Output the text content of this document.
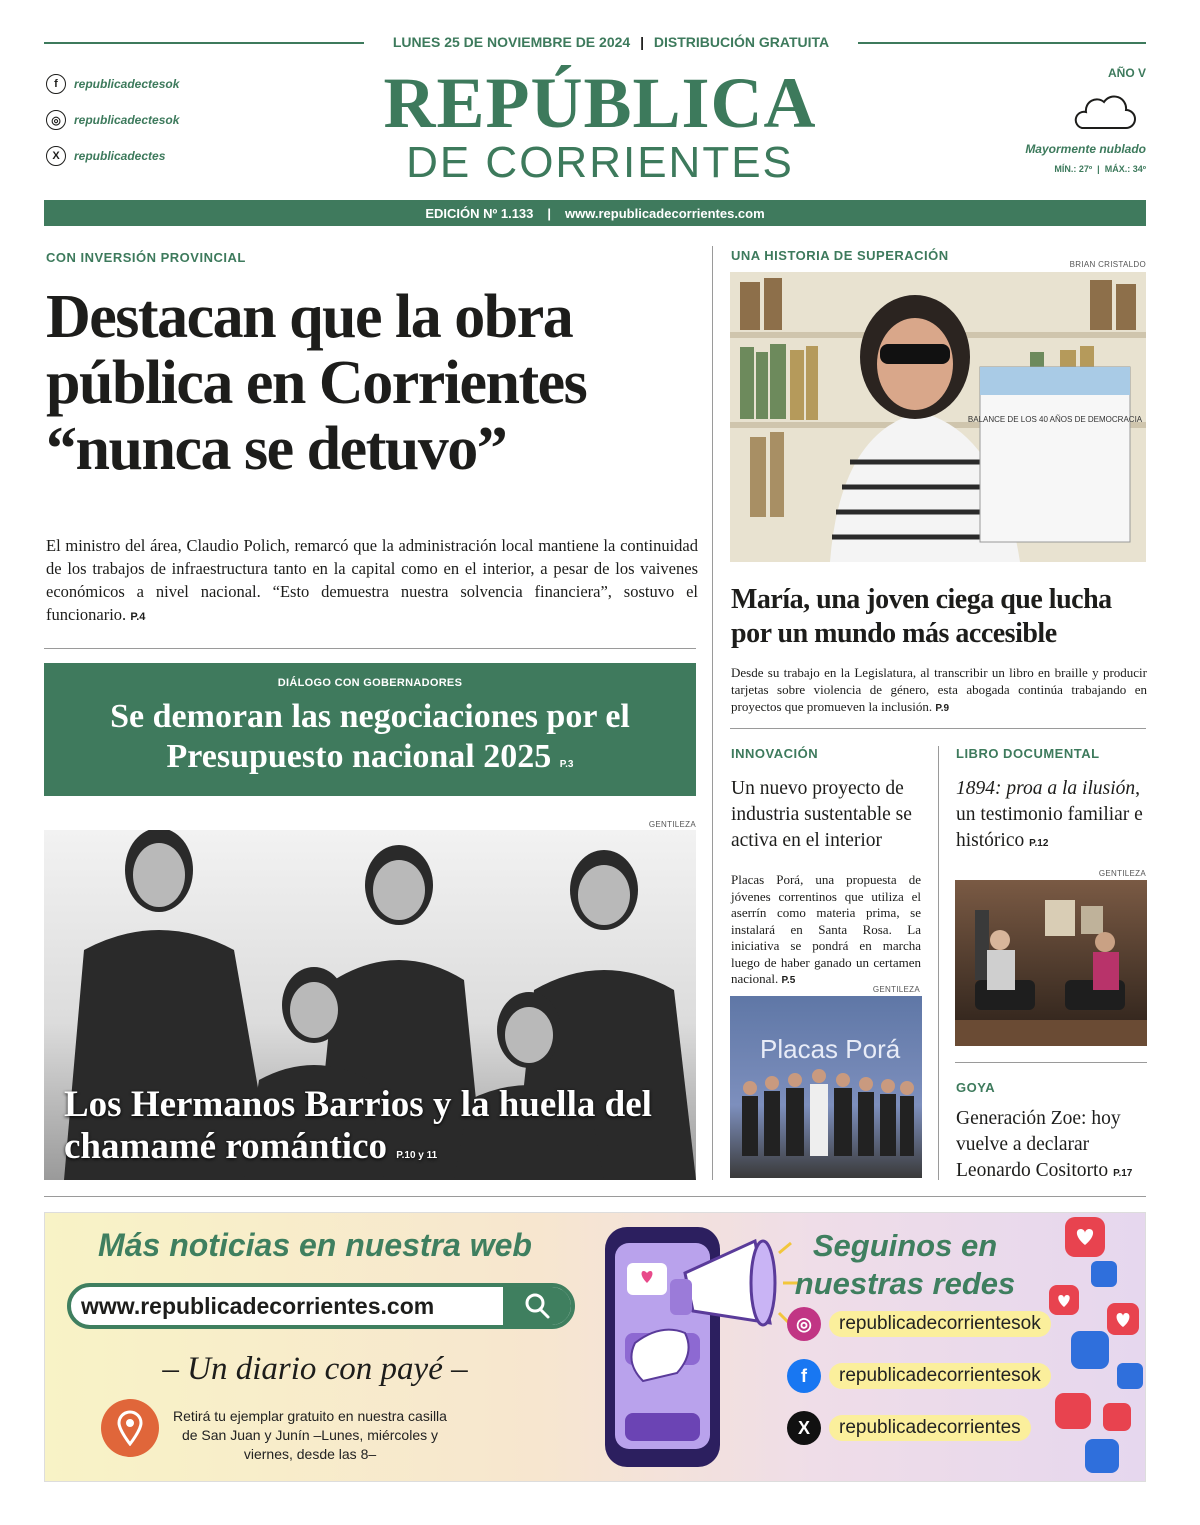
LUNES 25 DE NOVIEMBRE DE 2024 | DISTRIBUCIÓN GRATUITA
f	republicadectesok
◎	republicadectesok
X	republicadectes
REPÚBLICA
DE CORRIENTES
AÑO V
Mayormente nublado
MÍN.: 27º  |  MÁX.: 34º
EDICIÓN Nº 1.133 | www.republicadecorrientes.com
CON INVERSIÓN PROVINCIAL
Destacan que la obra pública en Corrientes “nunca se detuvo”
El ministro del área, Claudio Polich, remarcó que la administración local mantiene la continuidad de los trabajos de infraestructura tanto en la capital como en el interior, a pesar de los vaivenes económicos a nivel nacional. “Esto demuestra nuestra solvencia financiera”, sostuvo el funcionario. P.4
DIÁLOGO CON GOBERNADORES
Se demoran las negociaciones por el Presupuesto nacional 2025 P.3
GENTILEZA
Los Hermanos Barrios y la huella del chamamé romántico P.10 y 11
UNA HISTORIA DE SUPERACIÓN
BRIAN CRISTALDO
BALANCE DE LOS 40 AÑOS DE DEMOCRACIA
María, una joven ciega que lucha por un mundo más accesible
Desde su trabajo en la Legislatura, al transcribir un libro en braille y producir tarjetas sobre violencia de género, esta abogada continúa trabajando en proyectos que promueven la inclusión. P.9
INNOVACIÓN
Un nuevo proyecto de industria sustentable se activa en el interior
Placas Porá, una propuesta de jóvenes correntinos que utiliza el aserrín como materia prima, se instalará en Santa Rosa. La iniciativa se pondrá en marcha luego de haber ganado un certamen nacional. P.5
GENTILEZA
Placas Porá
LIBRO DOCUMENTAL
1894: proa a la ilusión, un testimonio familiar e histórico P.12
GENTILEZA
GOYA
Generación Zoe: hoy vuelve a declarar Leonardo Cositorto P.17
Más noticias en nuestra web
www.republicadecorrientes.com
– Un diario con payé –
Retirá tu ejemplar gratuito en nuestra casilla de San Juan y Junín –Lunes, miércoles y viernes, desde las 8–
Seguinos en nuestras redes
◎	republicadecorrientesok
f	republicadecorrientesok
X	republicadecorrientes
